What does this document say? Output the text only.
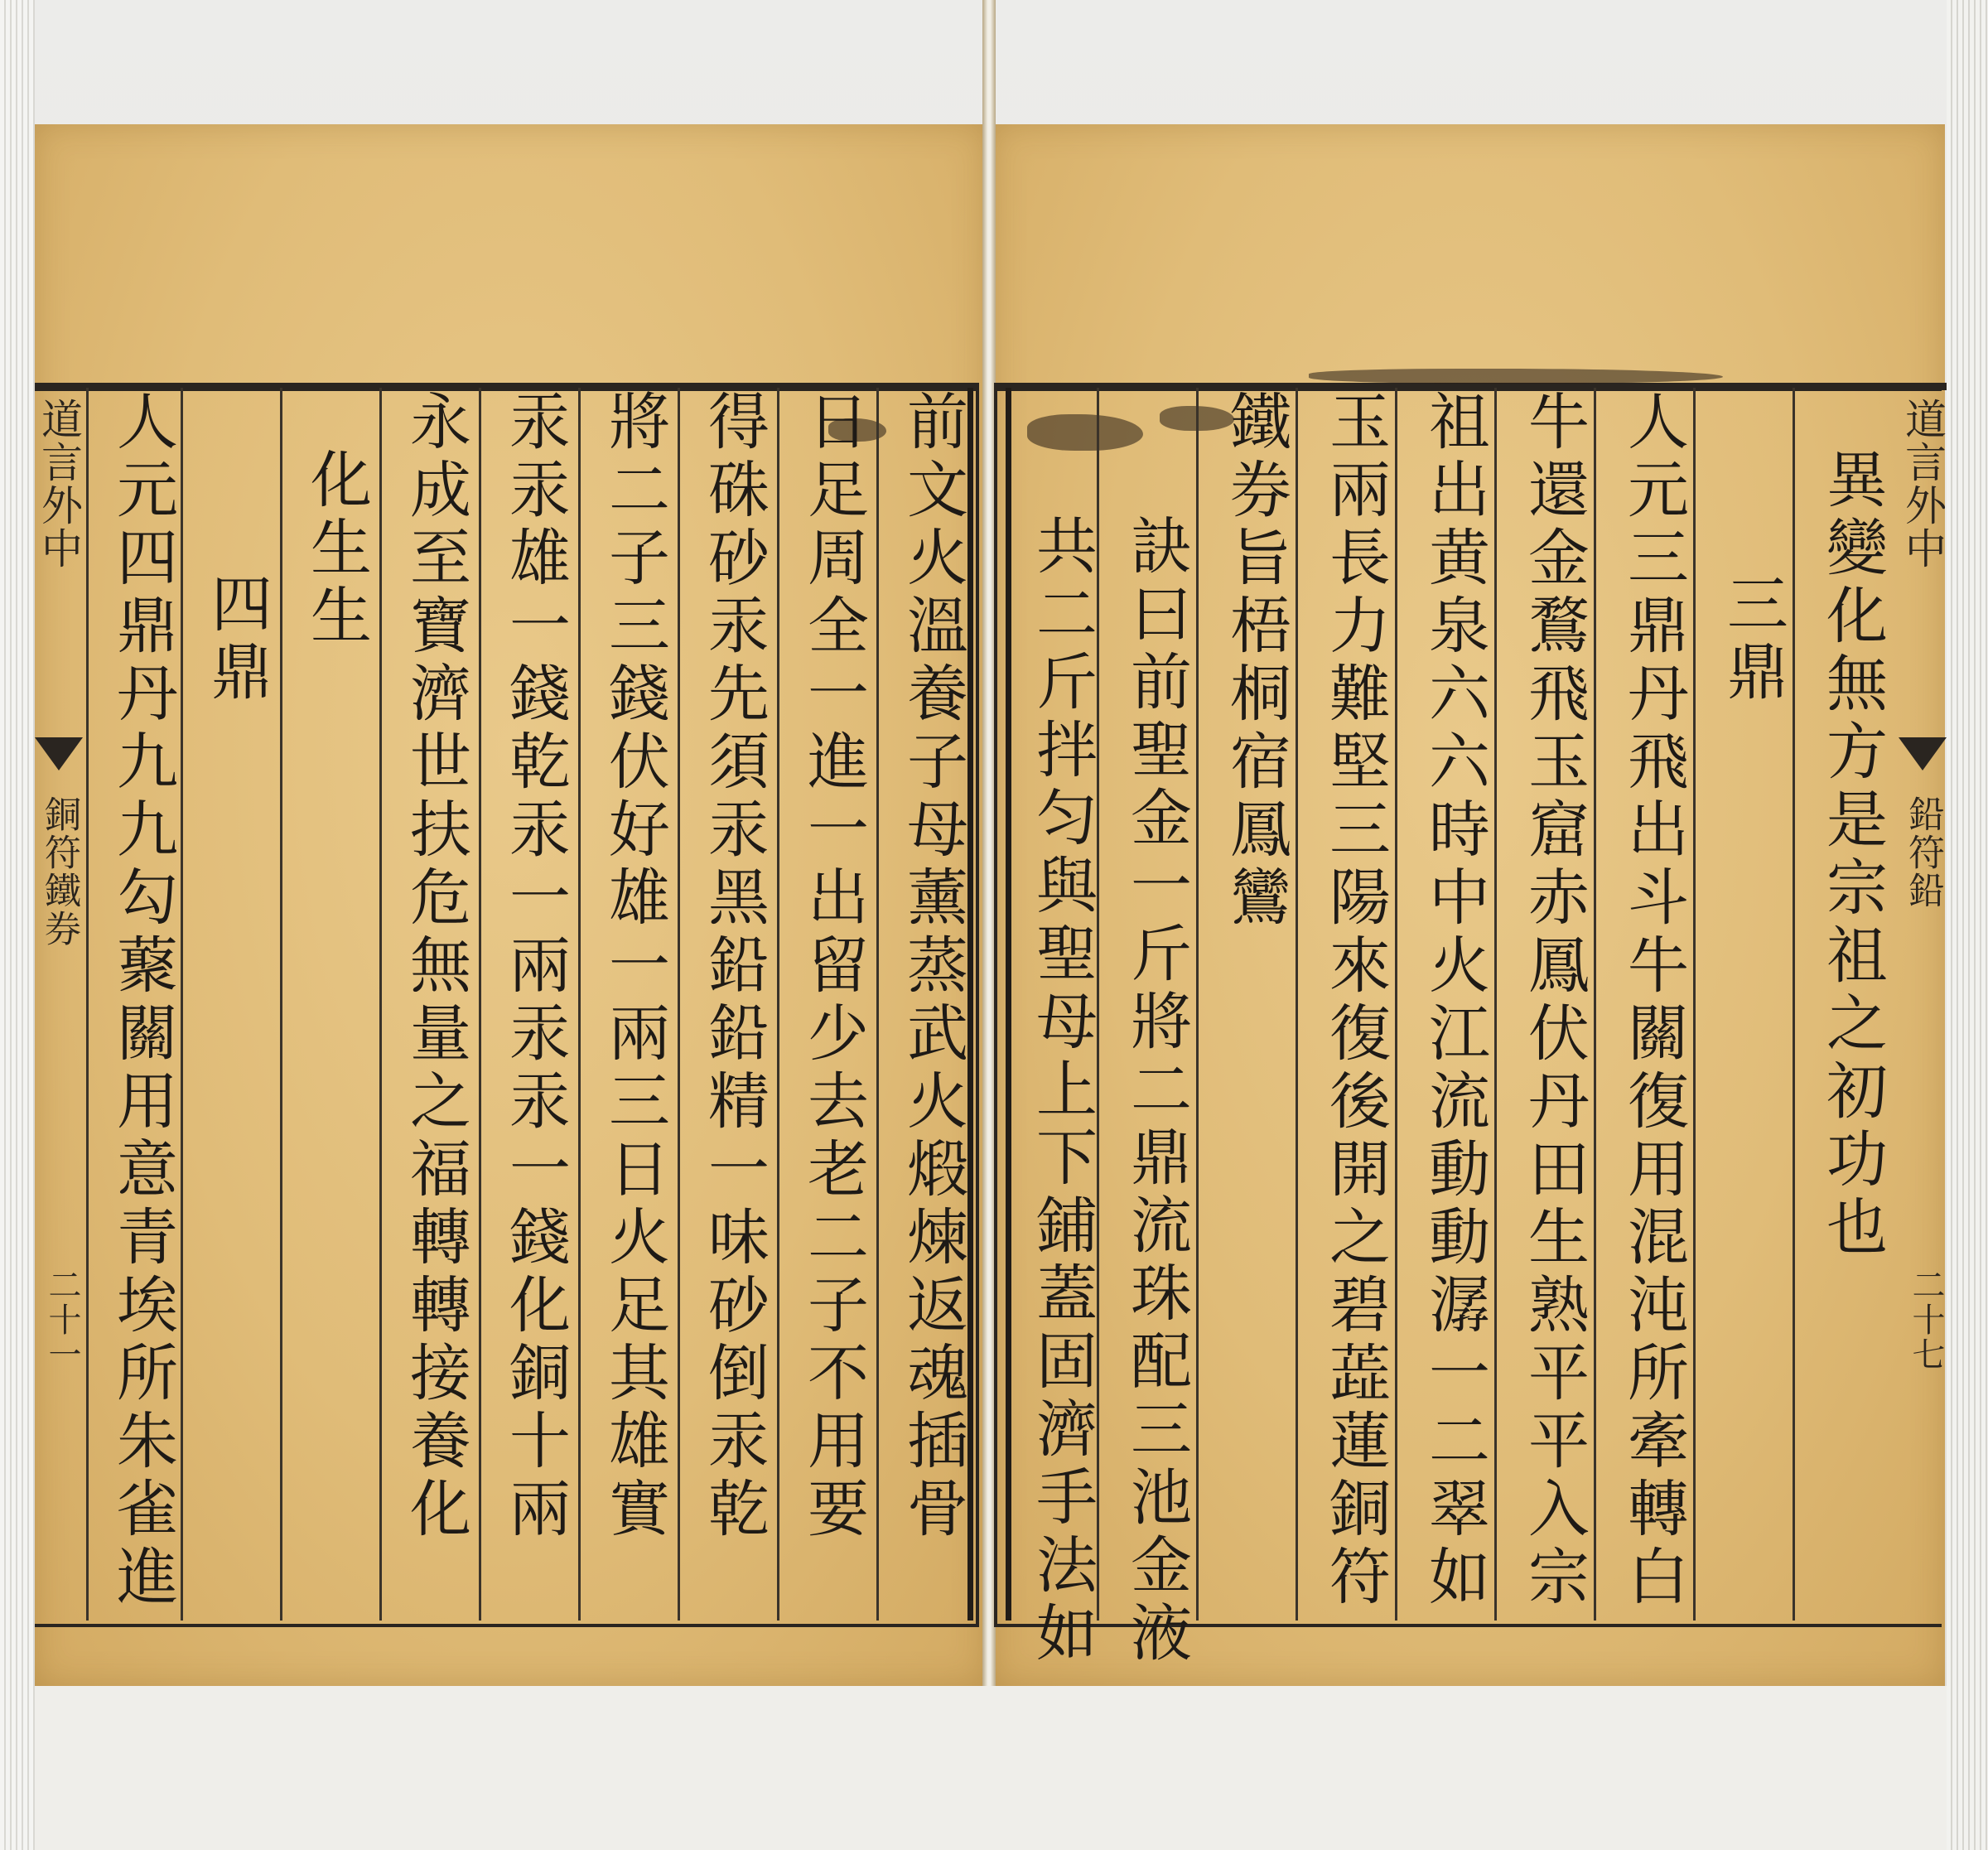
道言外中
鉛符鉛
二十七
道言外中
銅符鐵券
二十一
異變化無方是宗祖之初功也
三鼎
人元三鼎丹飛出斗牛關復用混沌所牽轉白
牛還金鶩飛玉窟赤鳳伏丹田生熟平平入宗
祖出黄泉六六時中火江流動動潺一二翠如
玉兩長力難堅三陽來復後開之碧蕋蓮銅符
鐵券旨梧桐宿鳳鸞
訣曰前聖金一斤將二鼎流珠配三池金液
共二斤拌匀與聖母上下鋪蓋固濟手法如
前文火溫養子母薰蒸武火煅煉返魂插骨
日足周全一進一出留少去老二子不用要
得硃砂汞先須汞黑鉛鉛精一味砂倒汞乾
將二子三錢伏好雄一兩三日火足其雄實
汞汞雄一錢乾汞一兩汞汞一錢化銅十兩
永成至寶濟世扶危無量之福轉轉接養化
化生生
四鼎
人元四鼎丹九九勾藂關用意青埃所朱雀進
